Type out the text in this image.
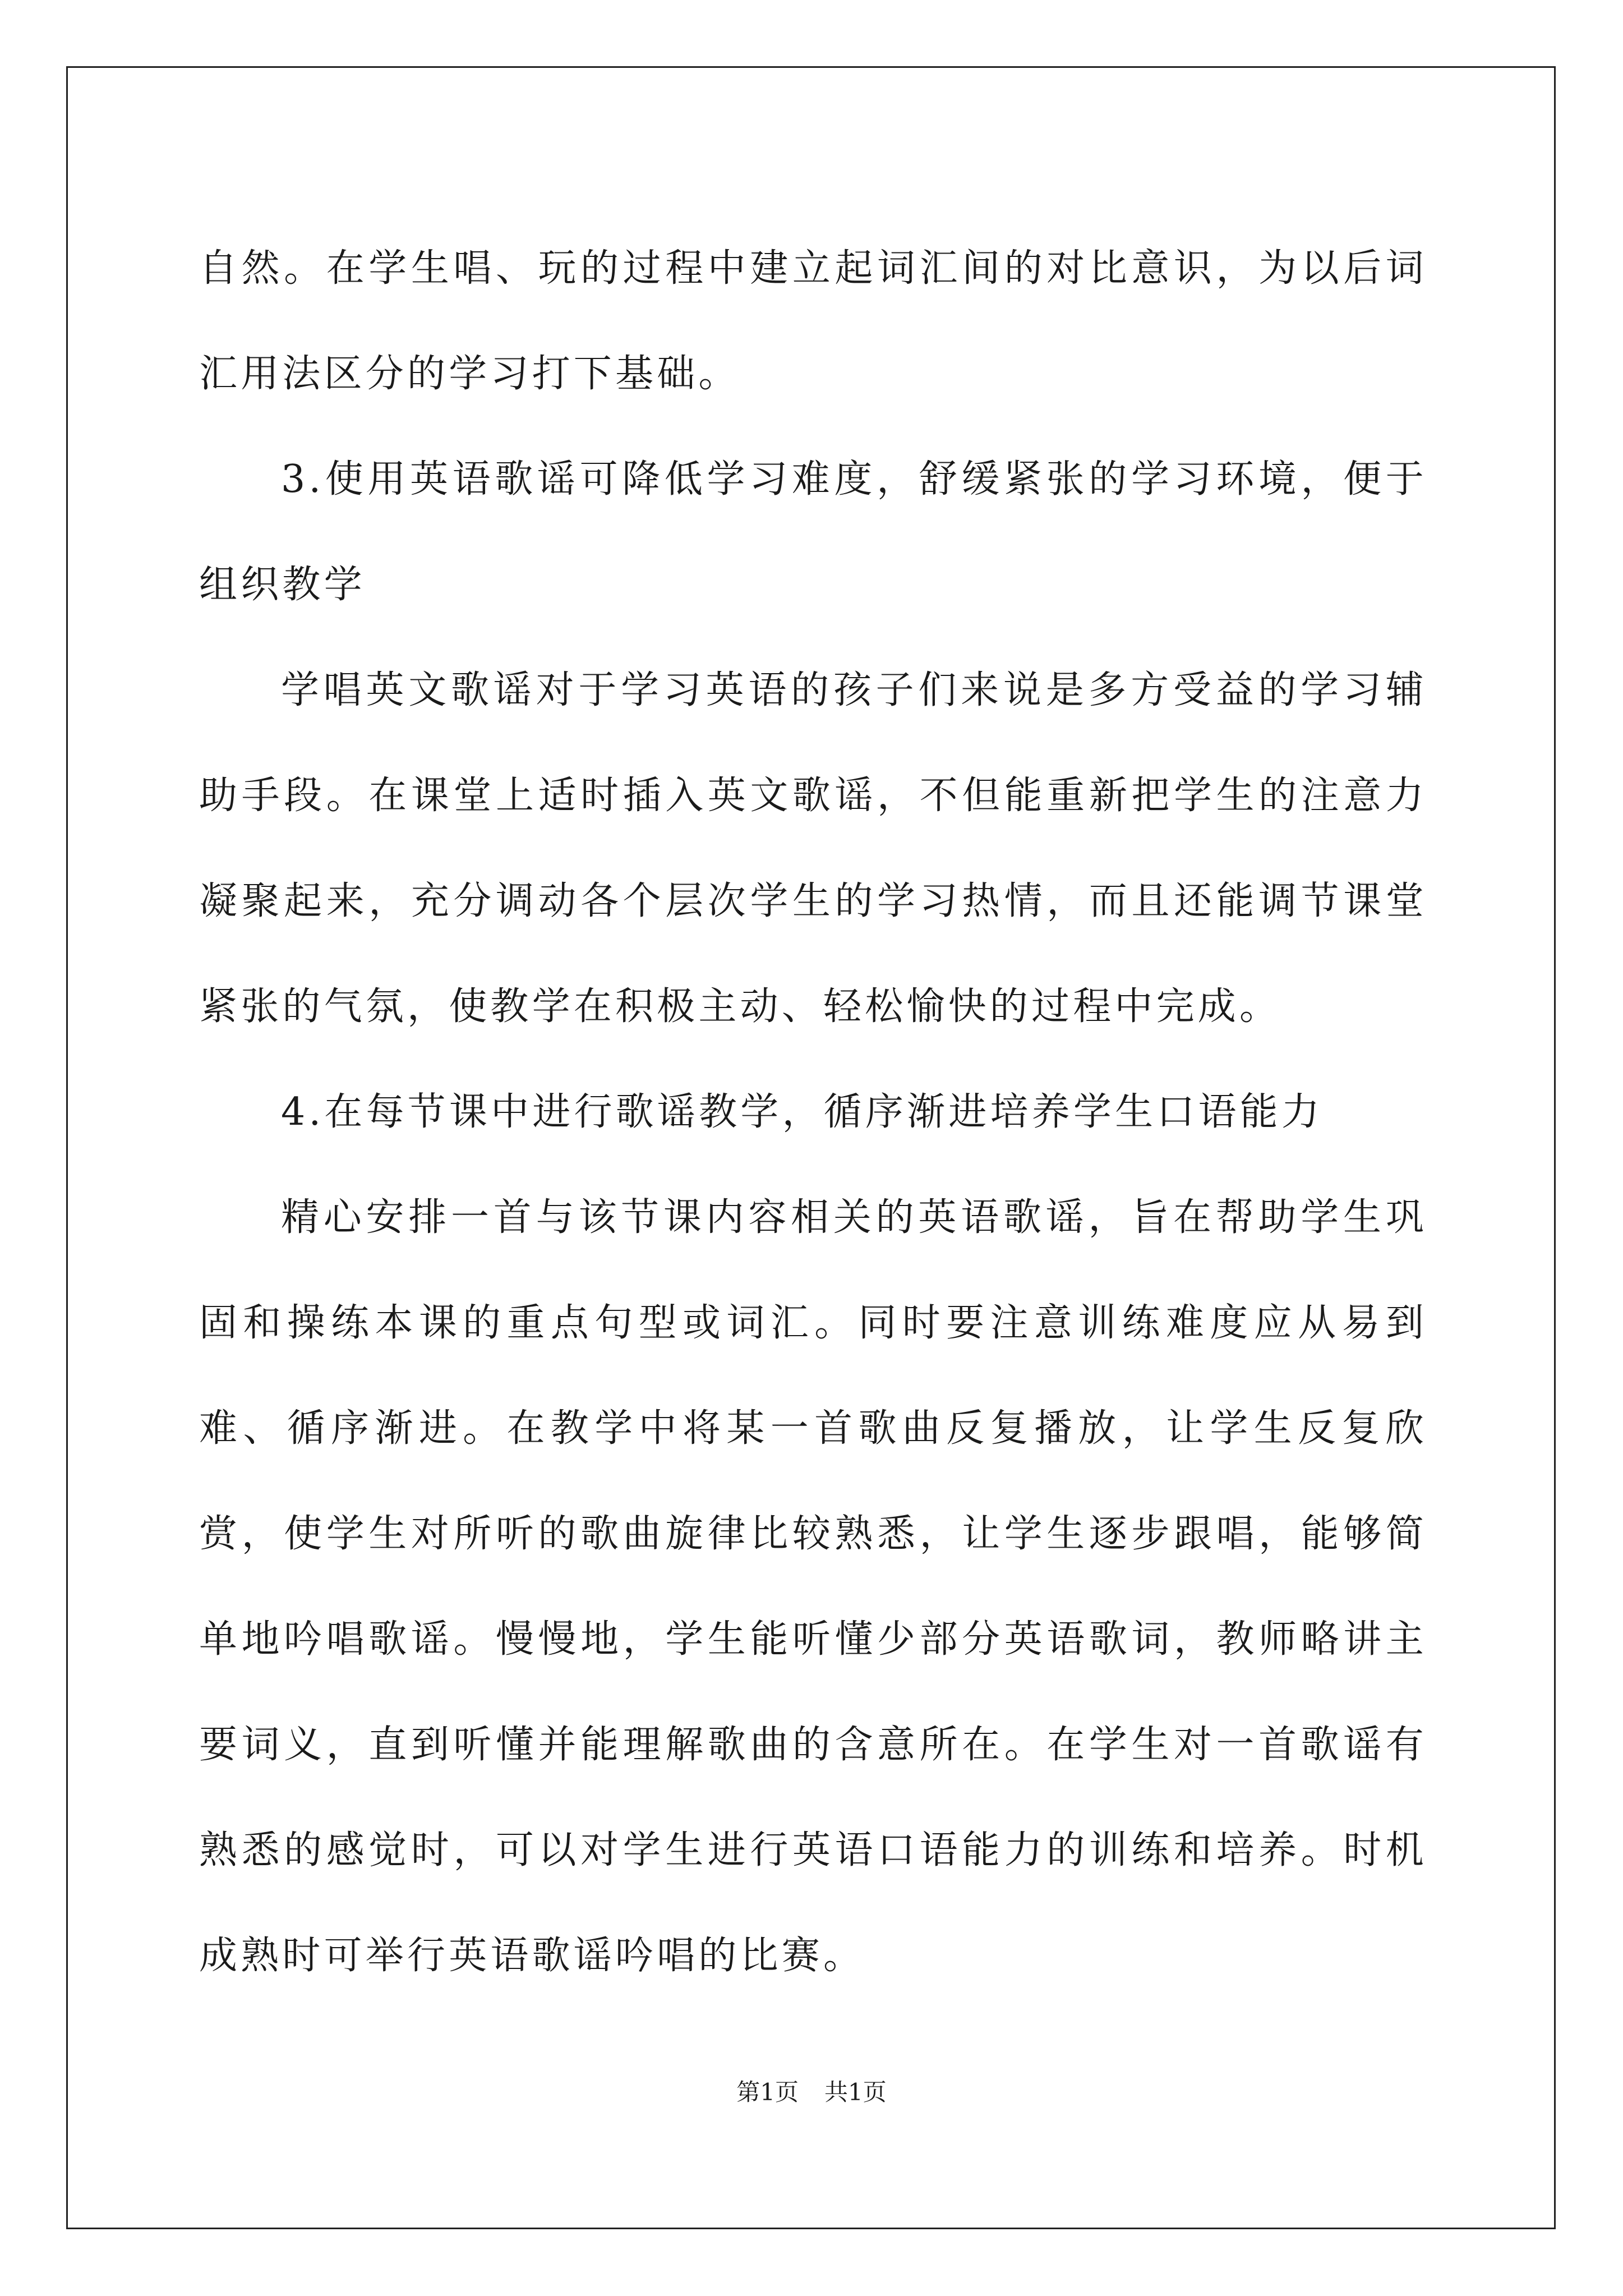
自然。在学生唱、玩的过程中建立起词汇间的对比意识，为以后词汇用法区分的学习打下基础。

3.使用英语歌谣可降低学习难度，舒缓紧张的学习环境，便于组织教学

学唱英文歌谣对于学习英语的孩子们来说是多方受益的学习辅助手段。在课堂上适时插入英文歌谣，不但能重新把学生的注意力凝聚起来，充分调动各个层次学生的学习热情，而且还能调节课堂紧张的气氛，使教学在积极主动、轻松愉快的过程中完成。

4.在每节课中进行歌谣教学，循序渐进培养学生口语能力

精心安排一首与该节课内容相关的英语歌谣，旨在帮助学生巩固和操练本课的重点句型或词汇。同时要注意训练难度应从易到难、循序渐进。在教学中将某一首歌曲反复播放，让学生反复欣赏，使学生对所听的歌曲旋律比较熟悉，让学生逐步跟唱，能够简单地吟唱歌谣。慢慢地，学生能听懂少部分英语歌词，教师略讲主要词义，直到听懂并能理解歌曲的含意所在。在学生对一首歌谣有熟悉的感觉时，可以对学生进行英语口语能力的训练和培养。时机成熟时可举行英语歌谣吟唱的比赛。

第1页 共1页
